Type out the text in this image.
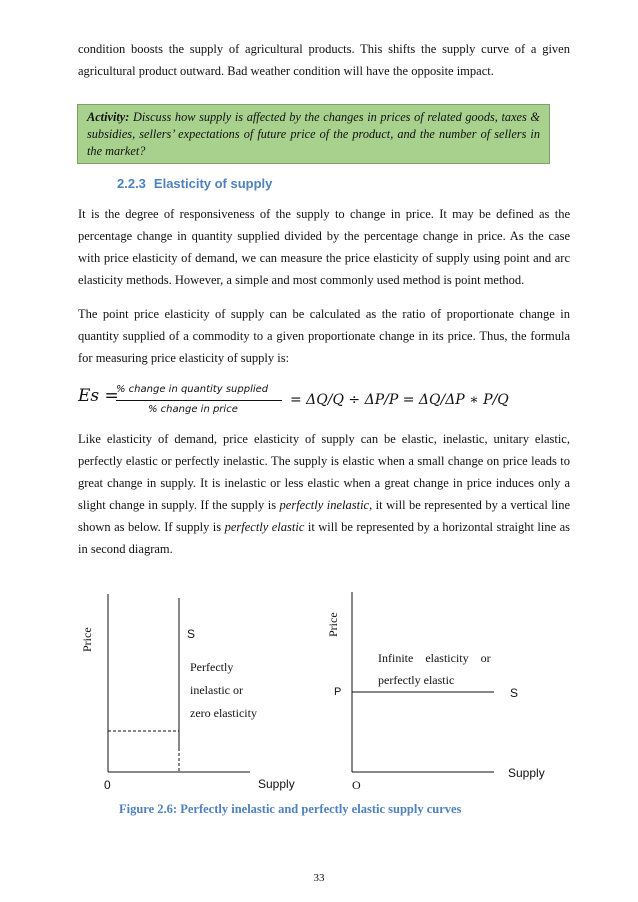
condition boosts the supply of agricultural products. This shifts the supply curve of a given agricultural product outward. Bad weather condition will have the opposite impact.

Activity: Discuss how supply is affected by the changes in prices of related goods, taxes & subsidies, sellers’ expectations of future price of the product, and the number of sellers in the market?
2.2.3 Elasticity of supply

It is the degree of responsiveness of the supply to change in price. It may be defined as the percentage change in quantity supplied divided by the percentage change in price. As the case with price elasticity of demand, we can measure the price elasticity of supply using point and arc elasticity methods. However, a simple and most commonly used method is point method.

The point price elasticity of supply can be calculated as the ratio of proportionate change in quantity supplied of a commodity to a given proportionate change in its price. Thus, the formula for measuring price elasticity of supply is:

Es =
% change in quantity supplied
% change in price
= ΔQ/Q ÷ ΔP/P = ΔQ/ΔP ∗ P/Q

Like elasticity of demand, price elasticity of supply can be elastic, inelastic, unitary elastic, perfectly elastic or perfectly inelastic. The supply is elastic when a small change on price leads to great change in supply. It is inelastic or less elastic when a great change in price induces only a slight change in supply. If the supply is perfectly inelastic, it will be represented by a vertical line shown as below. If supply is perfectly elastic it will be represented by a horizontal straight line as in second diagram.

Price	S
Perfectly
inelastic or
zero elasticity
0	Supply
Price
Infinite    elasticity    or
perfectly elastic
P	S
O
Supply
Figure 2.6: Perfectly inelastic and perfectly elastic supply curves
33
